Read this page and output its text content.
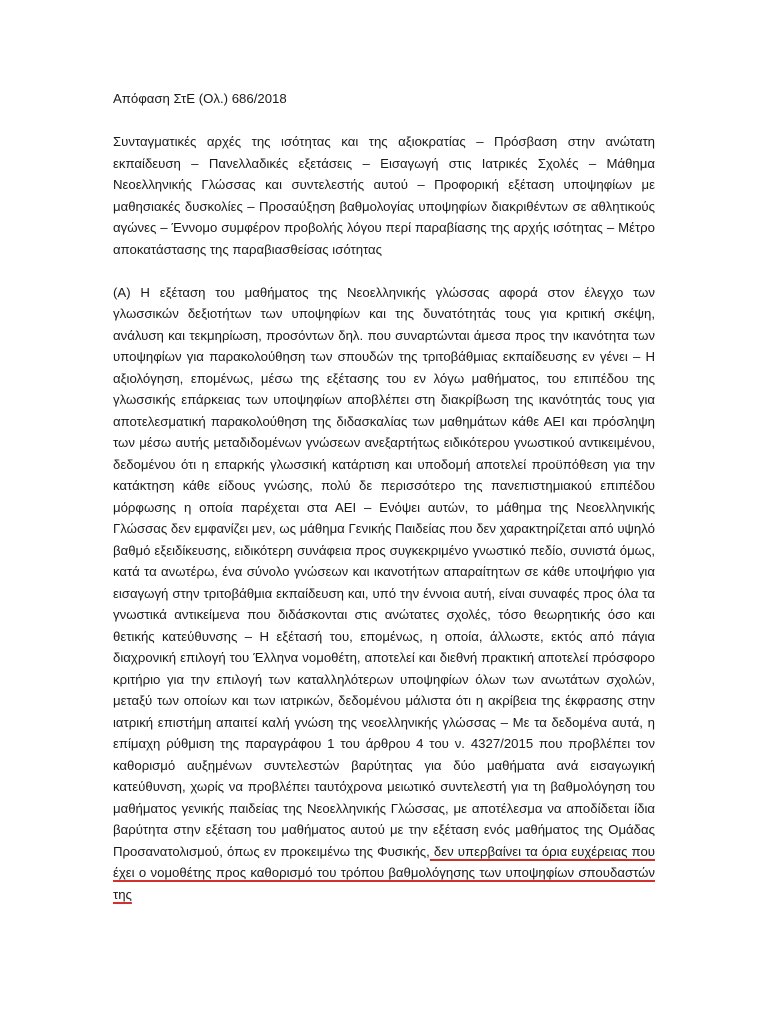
Απόφαση ΣτΕ (Ολ.) 686/2018

Συνταγματικές αρχές της ισότητας και της αξιοκρατίας – Πρόσβαση στην ανώτατη εκπαίδευση – Πανελλαδικές εξετάσεις – Εισαγωγή στις Ιατρικές Σχολές – Μάθημα Νεοελληνικής Γλώσσας και συντελεστής αυτού – Προφορική εξέταση υποψηφίων με μαθησιακές δυσκολίες – Προσαύξηση βαθμολογίας υποψηφίων διακριθέντων σε αθλητικούς αγώνες – Έννομο συμφέρον προβολής λόγου περί παραβίασης της αρχής ισότητας – Μέτρο αποκατάστασης της παραβιασθείσας ισότητας

(Α) Η εξέταση του μαθήματος της Νεοελληνικής γλώσσας αφορά στον έλεγχο των γλωσσικών δεξιοτήτων των υποψηφίων και της δυνατότητάς τους για κριτική σκέψη, ανάλυση και τεκμηρίωση, προσόντων δηλ. που συναρτώνται άμεσα προς την ικανότητα των υποψηφίων για παρακολούθηση των σπουδών της τριτοβάθμιας εκπαίδευσης εν γένει – Η αξιολόγηση, επομένως, μέσω της εξέτασης του εν λόγω μαθήματος, του επιπέδου της γλωσσικής επάρκειας των υποψηφίων αποβλέπει στη διακρίβωση της ικανότητάς τους για αποτελεσματική παρακολούθηση της διδασκαλίας των μαθημάτων κάθε ΑΕΙ και πρόσληψη των μέσω αυτής μεταδιδομένων γνώσεων ανεξαρτήτως ειδικότερου γνωστικού αντικειμένου, δεδομένου ότι η επαρκής γλωσσική κατάρτιση και υποδομή αποτελεί προϋπόθεση για την κατάκτηση κάθε είδους γνώσης, πολύ δε περισσότερο της πανεπιστημιακού επιπέδου μόρφωσης η οποία παρέχεται στα ΑΕΙ – Ενόψει αυτών, το μάθημα της Νεοελληνικής Γλώσσας δεν εμφανίζει μεν, ως μάθημα Γενικής Παιδείας που δεν χαρακτηρίζεται από υψηλό βαθμό εξειδίκευσης, ειδικότερη συνάφεια προς συγκεκριμένο γνωστικό πεδίο, συνιστά όμως, κατά τα ανωτέρω, ένα σύνολο γνώσεων και ικανοτήτων απαραίτητων σε κάθε υποψήφιο για εισαγωγή στην τριτοβάθμια εκπαίδευση και, υπό την έννοια αυτή, είναι συναφές προς όλα τα γνωστικά αντικείμενα που διδάσκονται στις ανώτατες σχολές, τόσο θεωρητικής όσο και θετικής κατεύθυνσης – Η εξέτασή του, επομένως, η οποία, άλλωστε, εκτός από πάγια διαχρονική επιλογή του Έλληνα νομοθέτη, αποτελεί και διεθνή πρακτική αποτελεί πρόσφορο κριτήριο για την επιλογή των καταλληλότερων υποψηφίων όλων των ανωτάτων σχολών, μεταξύ των οποίων και των ιατρικών, δεδομένου μάλιστα ότι η ακρίβεια της έκφρασης στην ιατρική επιστήμη απαιτεί καλή γνώση της νεοελληνικής γλώσσας – Με τα δεδομένα αυτά, η επίμαχη ρύθμιση της παραγράφου 1 του άρθρου 4 του ν. 4327/2015 που προβλέπει τον καθορισμό αυξημένων συντελεστών βαρύτητας για δύο μαθήματα ανά εισαγωγική κατεύθυνση, χωρίς να προβλέπει ταυτόχρονα μειωτικό συντελεστή για τη βαθμολόγηση του μαθήματος γενικής παιδείας της Νεοελληνικής Γλώσσας, με αποτέλεσμα να αποδίδεται ίδια βαρύτητα στην εξέταση του μαθήματος αυτού με την εξέταση ενός μαθήματος της Ομάδας Προσανατολισμού, όπως εν προκειμένω της Φυσικής, δεν υπερβαίνει τα όρια ευχέρειας που έχει ο νομοθέτης προς καθορισμό του τρόπου βαθμολόγησης των υποψηφίων σπουδαστών της
